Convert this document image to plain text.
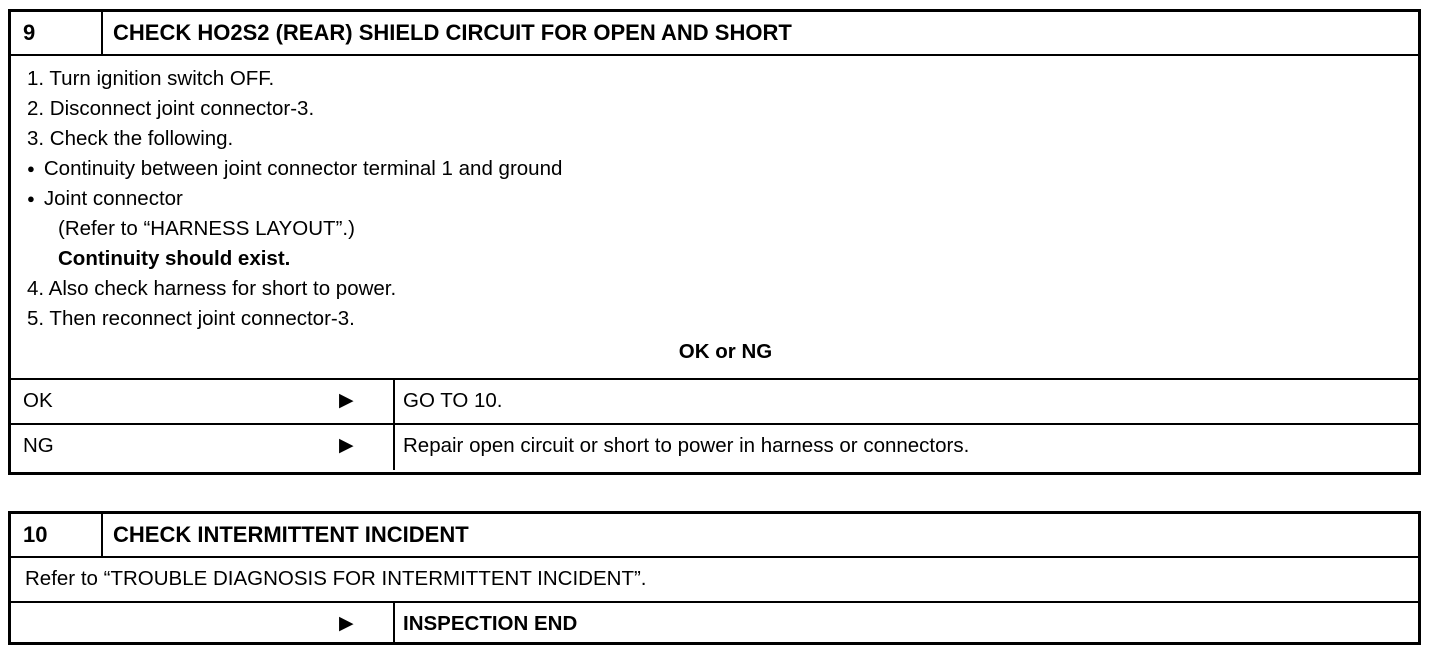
9	CHECK HO2S2 (REAR) SHIELD CIRCUIT FOR OPEN AND SHORT
1. Turn ignition switch OFF.
2. Disconnect joint connector-3.
3. Check the following.
● Continuity between joint connector terminal 1 and ground
● Joint connector
(Refer to “HARNESS LAYOUT”.)
Continuity should exist.
4. Also check harness for short to power.
5. Then reconnect joint connector-3.
OK or NG
OK	▶	GO TO 10.
NG	▶	Repair open circuit or short to power in harness or connectors.
10	CHECK INTERMITTENT INCIDENT
Refer to “TROUBLE DIAGNOSIS FOR INTERMITTENT INCIDENT”.
▶	INSPECTION END
